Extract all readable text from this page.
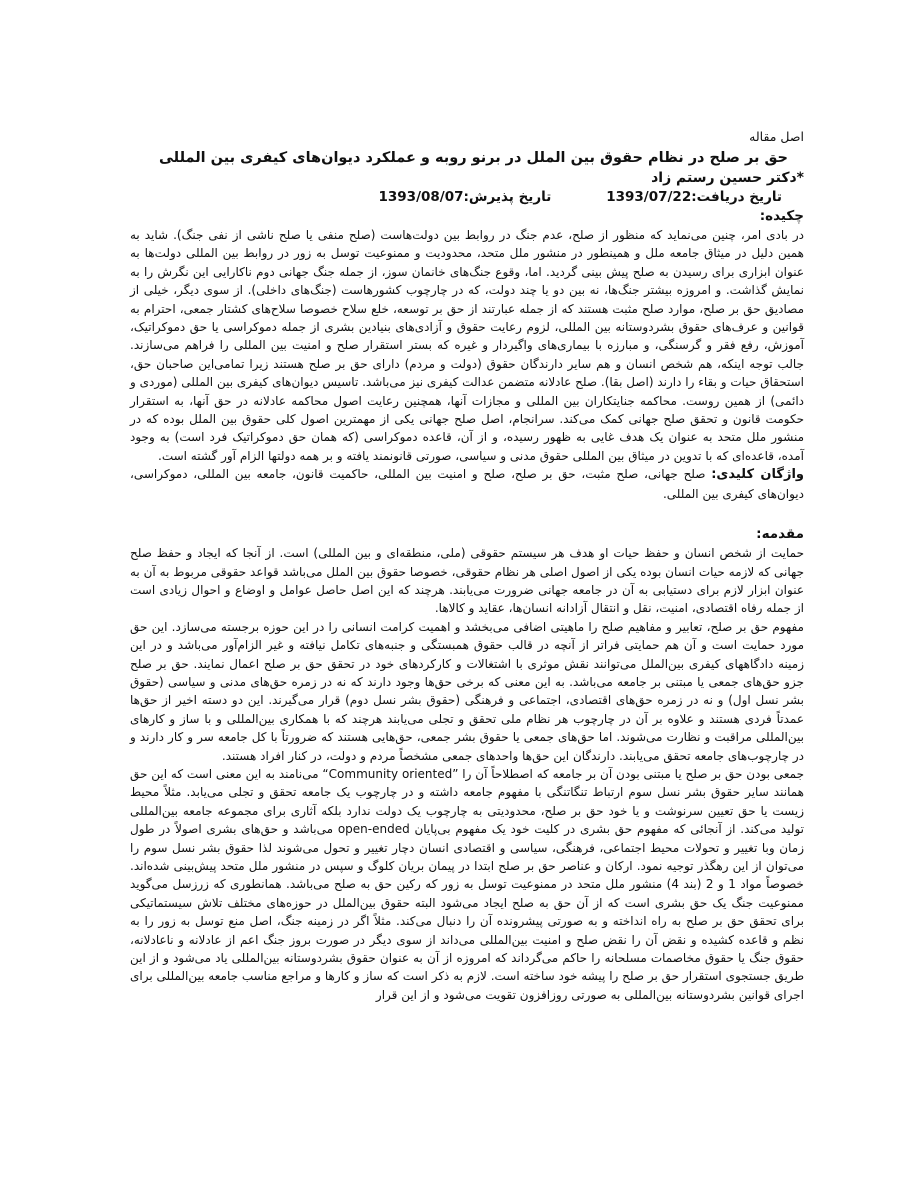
اصل مقاله
حق بر صلح در نظام حقوق بین الملل در برنو روبه و عملکرد دیوان‌های کیفری بین المللی
*دکتر حسین رستم زاد
تاریخ دریافت:1393/07/22 تاریخ پذیرش:1393/08/07
چکیده:

در بادی امر، چنین می‌نماید که منظور از صلح، عدم جنگ در روابط بین دولت‌هاست (صلح منفی یا صلح ناشی از نفی جنگ). شاید به همین دلیل در میثاق جامعه ملل و همینطور در منشور ملل متحد، محدودیت و ممنوعیت توسل به زور در روابط بین المللی دولت‌ها به عنوان ابزاری برای رسیدن به صلح پیش بینی گردید. اما، وقوع جنگ‌های خانمان سوز، از جمله جنگ جهانی دوم ناکارایی این نگرش را به نمایش گذاشت. و امروزه بیشتر جنگ‌ها، نه بین دو یا چند دولت، که در چارچوب کشورهاست (جنگ‌های داخلی). از سوی دیگر، خیلی از مصادیق حق بر صلح، موارد صلح مثبت هستند که از جمله عبارتند از حق بر توسعه، خلع سلاح خصوصا سلاح‌های کشتار جمعی، احترام به قوانین و عرف‌های حقوق بشردوستانه بین المللی، لزوم رعایت حقوق و آزادی‌های بنیادین بشری از جمله دموکراسی یا حق دموکراتیک، آموزش، رفع فقر و گرسنگی، و مبارزه با بیماری‌های واگیردار و غیره که بستر استقرار صلح و امنیت بین المللی را فراهم می‌سازند. جالب توجه اینکه، هم شخص انسان و هم سایر دارندگان حقوق (دولت و مردم) دارای حق بر صلح هستند زیرا تمامی‌این صاحبان حق، استحقاق حیات و بقاء را دارند (اصل بقا). صلح عادلانه متضمن عدالت کیفری نیز می‌باشد. تاسیس دیوان‌های کیفری بین المللی (موردی و دائمی) از همین روست. محاکمه جنایتکاران بین المللی و مجازات آنها، همچنین رعایت اصول محاکمه عادلانه در حق آنها، به استقرار حکومت قانون و تحقق صلح جهانی کمک می‌کند. سرانجام، اصل صلح جهانی یکی از مهمترین اصول کلی حقوق بین الملل بوده که در منشور ملل متحد به عنوان یک هدف غایی به ظهور رسیده، و از آن، قاعده دموکراسی (که همان حق دموکراتیک فرد است) به وجود آمده، قاعده‌ای که با تدوین در میثاق بین المللی حقوق مدنی و سیاسی، صورتی قانونمند یافته و بر همه دولتها الزام آور گشته است.

واژگان کلیدی: صلح جهانی، صلح مثبت، حق بر صلح، صلح و امنیت بین المللی، حاکمیت قانون، جامعه بین المللی، دموکراسی، دیوان‌های کیفری بین المللی.

مقدمه:

حمایت از شخص انسان و حفظ حیات او هدف هر سیستم حقوقی (ملی، منطقه‌ای و بین المللی) است. از آنجا که ایجاد و حفظ صلح جهانی که لازمه حیات انسان بوده یکی از اصول اصلی هر نظام حقوقی، خصوصا حقوق بین الملل می‌باشد قواعد حقوقی مربوط به آن به عنوان ابزار لازم برای دستیابی به آن در جامعه جهانی ضرورت می‌یابند. هرچند که این اصل حاصل عوامل و اوضاع و احوال زیادی است از جمله رفاه اقتصادی، امنیت، نقل و انتقال آزادانه انسان‌ها، عقاید و کالاها.

مفهوم حق بر صلح، تعابیر و مفاهیم صلح را ماهیتی اضافی می‌بخشد و اهمیت کرامت انسانی را در این حوزه برجسته می‌سازد. این حق مورد حمایت است و آن هم حمایتی فراتر از آنچه در قالب حقوق همبستگی و جنبه‌های تکامل نیافته و غیر الزام‌آور می‌باشد و در این زمینه دادگاههای کیفری بین‌الملل می‌توانند نقش موثری با اشتغالات و کارکردهای خود در تحقق حق بر صلح اعمال نمایند. حق بر صلح جزو حق‌های جمعی یا مبتنی بر جامعه می‌باشد. به این معنی که برخی حق‌ها وجود دارند که نه در زمره حق‌های مدنی و سیاسی (حقوق بشر نسل اول) و نه در زمره حق‌های اقتصادی، اجتماعی و فرهنگی (حقوق بشر نسل دوم) قرار می‌گیرند. این دو دسته اخیر از حق‌ها عمدتاً فردی هستند و علاوه بر آن در چارچوب هر نظام ملی تحقق و تجلی می‌یابند هرچند که با همکاری بین‌المللی و با ساز و کارهای بین‌المللی مراقبت و نظارت می‌شوند. اما حق‌های جمعی یا حقوق بشر جمعی، حق‌هایی هستند که ضرورتاً با کل جامعه سر و کار دارند و در چارچوب‌های جامعه تحقق می‌یابند. دارندگان این حق‌ها واحدهای جمعی مشخصاً مردم و دولت، در کنار افراد هستند.

جمعی بودن حق بر صلح یا مبتنی بودن آن بر جامعه که اصطلاحاً آن را ”Community oriented“ می‌نامند به این معنی است که این حق همانند سایر حقوق بشر نسل سوم ارتباط تنگاتنگی با مفهوم جامعه داشته و در چارچوب یک جامعه تحقق و تجلی می‌یابد. مثلاً محیط زیست یا حق تعیین سرنوشت و یا خود حق بر صلح، محدودیتی به چارچوب یک دولت ندارد بلکه آثاری برای مجموعه جامعه بین‌المللی تولید می‌کند. از آنجائی که مفهوم حق بشری در کلیت خود یک مفهوم بی‌پایان open-ended می‌باشد و حق‌های بشری اصولاً در طول زمان وبا تغییر و تحولات محیط اجتماعی، فرهنگی، سیاسی و اقتصادی انسان دچار تغییر و تحول می‌شوند لذا حقوق بشر نسل سوم را می‌توان از این رهگذر توجیه نمود. ارکان و عناصر حق بر صلح ابتدا در پیمان بریان کلوگ و سپس در منشور ملل متحد پیش‌بینی شده‌اند. خصوصاً مواد 1 و 2 (بند 4) منشور ملل متحد در ممنوعیت توسل به زور که رکین حق به صلح می‌باشد. همانطوری که زرزسل می‌گوید ممنوعیت جنگ یک حق بشری است که از آن حق به صلح ایجاد می‌شود البته حقوق بین‌الملل در حوزه‌های مختلف تلاش سیستماتیکی برای تحقق حق بر صلح به راه انداخته و به صورتی پیشرونده آن را دنبال می‌کند. مثلاً اگر در زمینه جنگ، اصل منع توسل به زور را به نظم و قاعده کشیده و نقض آن را نقض صلح و امنیت بین‌المللی می‌داند از سوی دیگر در صورت بروز جنگ اعم از عادلانه و ناعادلانه، حقوق جنگ یا حقوق مخاصمات مسلحانه را حاکم می‌گرداند که امروزه از آن به عنوان حقوق بشردوستانه بین‌المللی یاد می‌شود و از این طریق جستجوی استقرار حق بر صلح را پیشه خود ساخته است. لازم به ذکر است که ساز و کارها و مراجع مناسب جامعه بین‌المللی برای اجرای قوانین بشردوستانه بین‌المللی به صورتی روزافزون تقویت می‌شود و از این قرار
